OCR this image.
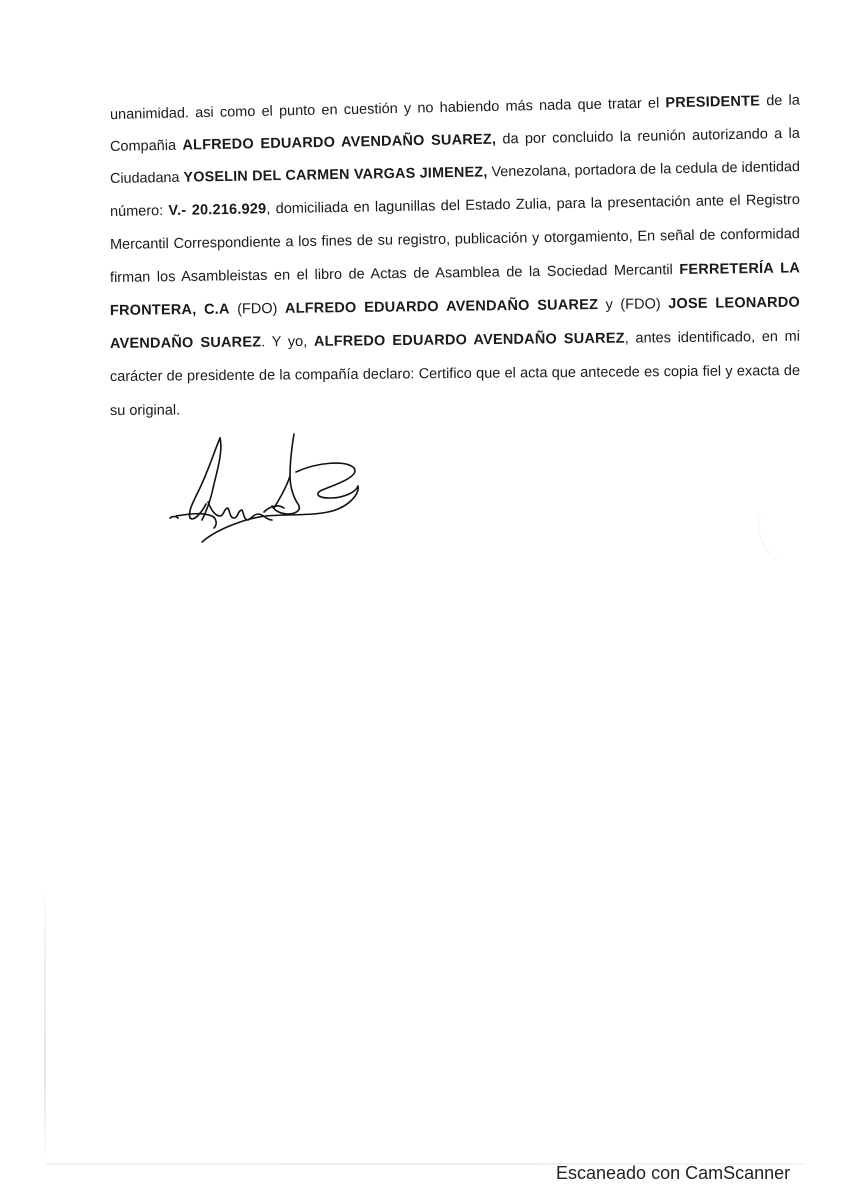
unanimidad. asi como el punto en cuestión y no habiendo más nada que tratar el PRESIDENTE de la
Compañia ALFREDO EDUARDO AVENDAÑO SUAREZ, da por concluido la reunión autorizando a la
Ciudadana YOSELIN DEL CARMEN VARGAS JIMENEZ, Venezolana, portadora de la cedula de identidad
número: V.- 20.216.929, domiciliada en lagunillas del Estado Zulia, para la presentación ante el Registro
Mercantil Correspondiente a los fines de su registro, publicación y otorgamiento, En señal de conformidad
firman los Asambleistas en el libro de Actas de Asamblea de la Sociedad Mercantil FERRETERÍA LA
FRONTERA, C.A (FDO) ALFREDO EDUARDO AVENDAÑO SUAREZ y (FDO) JOSE LEONARDO
AVENDAÑO SUAREZ. Y yo, ALFREDO EDUARDO AVENDAÑO SUAREZ, antes identificado, en mi
carácter de presidente de la compañía declaro: Certifico que el acta que antecede es copia fiel y exacta de
su original.
Escaneado con CamScanner
